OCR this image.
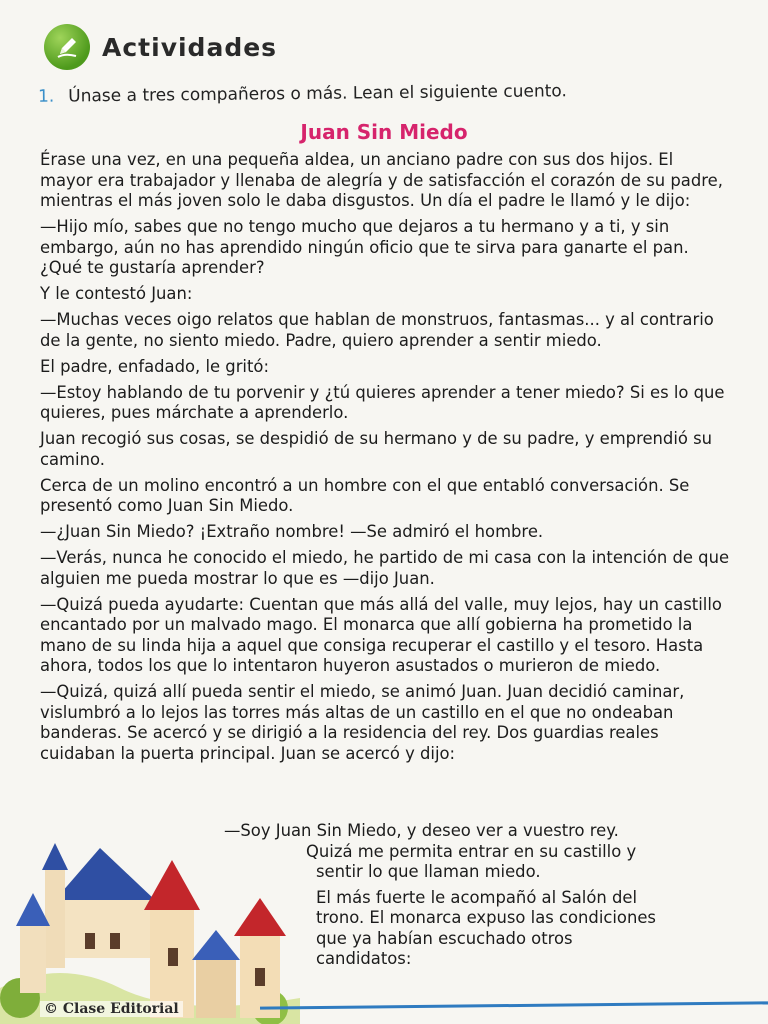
Actividades
1. Únase a tres compañeros o más. Lean el siguiente cuento.
Juan Sin Miedo

Érase una vez, en una pequeña aldea, un anciano padre con sus dos hijos. El mayor era trabajador y llenaba de alegría y de satisfacción el corazón de su padre, mientras el más joven solo le daba disgustos. Un día el padre le llamó y le dijo:

—Hijo mío, sabes que no tengo mucho que dejaros a tu hermano y a ti, y sin embargo, aún no has aprendido ningún oficio que te sirva para ganarte el pan. ¿Qué te gustaría aprender?

Y le contestó Juan:

—Muchas veces oigo relatos que hablan de monstruos, fantasmas... y al contrario de la gente, no siento miedo. Padre, quiero aprender a sentir miedo.

El padre, enfadado, le gritó:

—Estoy hablando de tu porvenir y ¿tú quieres aprender a tener miedo? Si es lo que quieres, pues márchate a aprenderlo.

Juan recogió sus cosas, se despidió de su hermano y de su padre, y emprendió su camino.

Cerca de un molino encontró a un hombre con el que entabló conversación. Se presentó como Juan Sin Miedo.

—¿Juan Sin Miedo? ¡Extraño nombre! —Se admiró el hombre.

—Verás, nunca he conocido el miedo, he partido de mi casa con la intención de que alguien me pueda mostrar lo que es —dijo Juan.

—Quizá pueda ayudarte: Cuentan que más allá del valle, muy lejos, hay un castillo encantado por un malvado mago. El monarca que allí gobierna ha prometido la mano de su linda hija a aquel que consiga recuperar el castillo y el tesoro. Hasta ahora, todos los que lo intentaron huyeron asustados o murieron de miedo.

—Quizá, quizá allí pueda sentir el miedo, se animó Juan. Juan decidió caminar, vislumbró a lo lejos las torres más altas de un castillo en el que no ondeaban banderas. Se acercó y se dirigió a la residencia del rey. Dos guardias reales cuidaban la puerta principal. Juan se acercó y dijo:

—Soy Juan Sin Miedo, y deseo ver a vuestro rey.
Quizá me permita entrar en su castillo y
sentir lo que llaman miedo.

El más fuerte le acompañó al Salón del
trono. El monarca expuso las condiciones
que ya habían escuchado otros
candidatos:

© Clase Editorial
